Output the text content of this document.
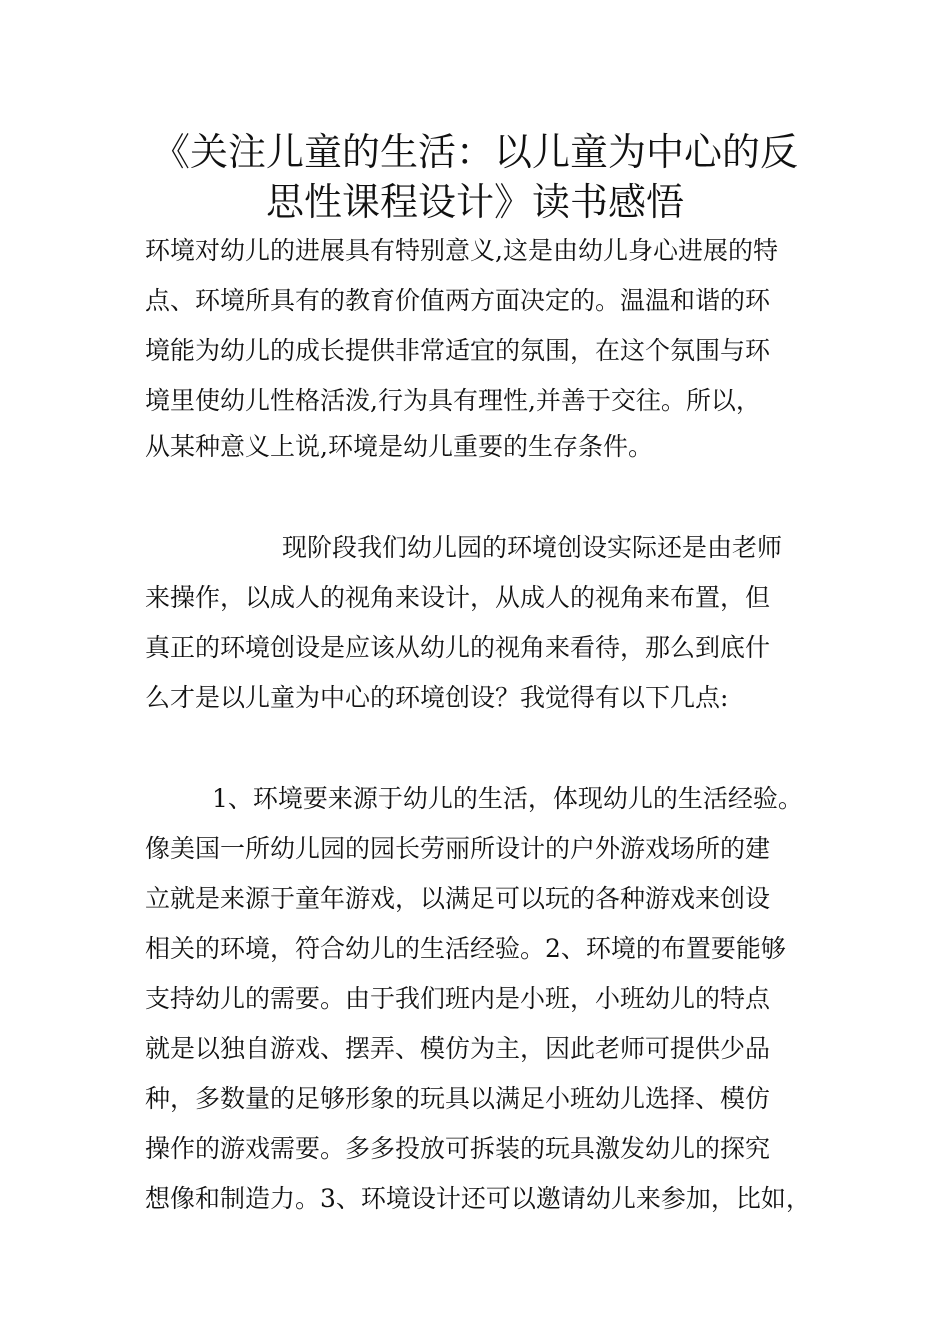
《关注儿童的生活：以儿童为中心的反
思性课程设计》读书感悟
环境对幼儿的进展具有特别意义,这是由幼儿身心进展的特
点、环境所具有的教育价值两方面决定的。温温和谐的环
境能为幼儿的成长提供非常适宜的氛围，在这个氛围与环
境里使幼儿性格活泼,行为具有理性,并善于交往。所以，
从某种意义上说,环境是幼儿重要的生存条件。
现阶段我们幼儿园的环境创设实际还是由老师
来操作，以成人的视角来设计，从成人的视角来布置，但
真正的环境创设是应该从幼儿的视角来看待，那么到底什
么才是以儿童为中心的环境创设？我觉得有以下几点:
1、环境要来源于幼儿的生活，体现幼儿的生活经验。
像美国一所幼儿园的园长劳丽所设计的户外游戏场所的建
立就是来源于童年游戏，以满足可以玩的各种游戏来创设
相关的环境，符合幼儿的生活经验。2、环境的布置要能够
支持幼儿的需要。由于我们班内是小班，小班幼儿的特点
就是以独自游戏、摆弄、模仿为主，因此老师可提供少品
种，多数量的足够形象的玩具以满足小班幼儿选择、模仿
操作的游戏需要。多多投放可拆装的玩具激发幼儿的探究
想像和制造力。3、环境设计还可以邀请幼儿来参加，比如，
